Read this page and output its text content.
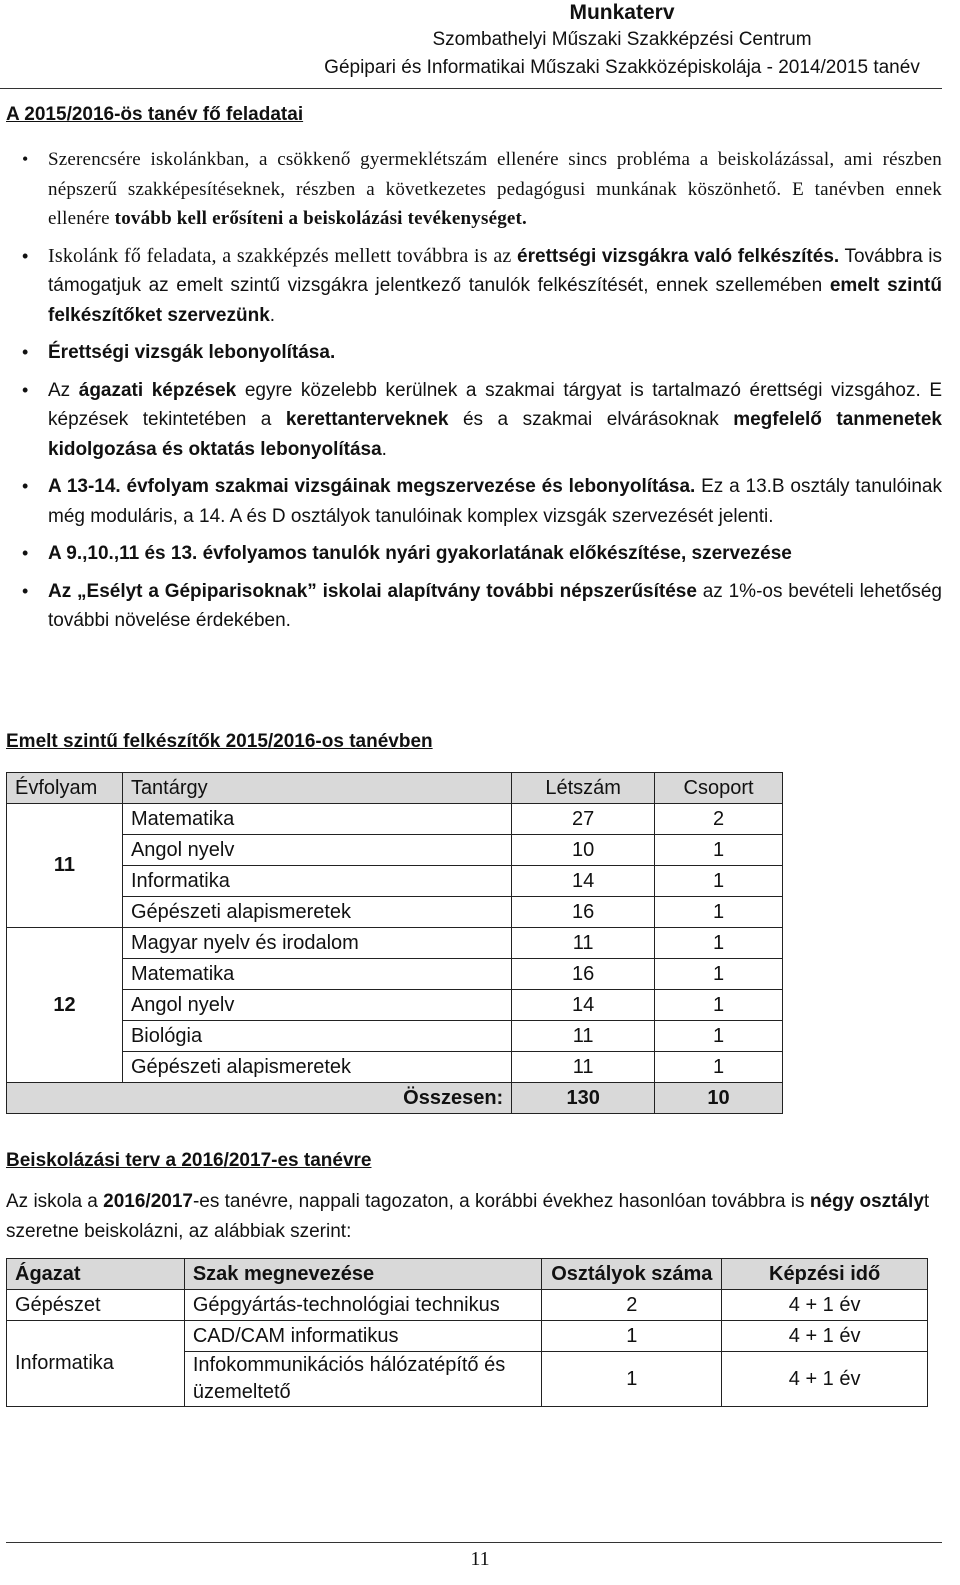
Munkaterv
Szombathelyi Műszaki Szakképzési Centrum
Gépipari és Informatikai Műszaki Szakközépiskolája - 2014/2015 tanév
A 2015/2016-ös tanév fő feladatai
• Szerencsére iskolánkban, a csökkenő gyermeklétszám ellenére sincs probléma a beiskolázással, ami részben népszerű szakképesítéseknek, részben a következetes pedagógusi munkának köszönhető. E tanévben ennek ellenére tovább kell erősíteni a beiskolázási tevékenységet.
• Iskolánk fő feladata, a szakképzés mellett továbbra is az érettségi vizsgákra való felkészítés. Továbbra is támogatjuk az emelt szintű vizsgákra jelentkező tanulók felkészítését, ennek szellemében emelt szintű felkészítőket szervezünk.
• Érettségi vizsgák lebonyolítása.
• Az ágazati képzések egyre közelebb kerülnek a szakmai tárgyat is tartalmazó érettségi vizsgához. E képzések tekintetében a kerettanterveknek és a szakmai elvárásoknak megfelelő tanmenetek kidolgozása és oktatás lebonyolítása.
• A 13-14. évfolyam szakmai vizsgáinak megszervezése és lebonyolítása. Ez a 13.B osztály tanulóinak még moduláris, a 14. A és D osztályok tanulóinak komplex vizsgák szervezését jelenti.
• A 9.,10.,11 és 13. évfolyamos tanulók nyári gyakorlatának előkészítése, szervezése
• Az „Esélyt a Gépiparisoknak” iskolai alapítvány további népszerűsítése az 1%-os bevételi lehetőség további növelése érdekében.
Emelt szintű felkészítők 2015/2016-os tanévben
Évfolyam	Tantárgy	Létszám	Csoport
11	Matematika	27	2
	Angol nyelv	10	1
	Informatika	14	1
	Gépészeti alapismeretek	16	1
12	Magyar nyelv és irodalom	11	1
	Matematika	16	1
	Angol nyelv	14	1
	Biológia	11	1
	Gépészeti alapismeretek	11	1
Összesen:		130	10
Beiskolázási terv a 2016/2017-es tanévre
Az iskola a 2016/2017-es tanévre, nappali tagozaton, a korábbi évekhez hasonlóan továbbra is négy osztályt szeretne beiskolázni, az alábbiak szerint:
Ágazat	Szak megnevezése	Osztályok száma	Képzési idő
Gépészet	Gépgyártás-technológiai technikus	2	4 + 1 év
Informatika	CAD/CAM informatikus	1	4 + 1 év
	Infokommunikációs hálózatépítő és üzemeltető	1	4 + 1 év
11
